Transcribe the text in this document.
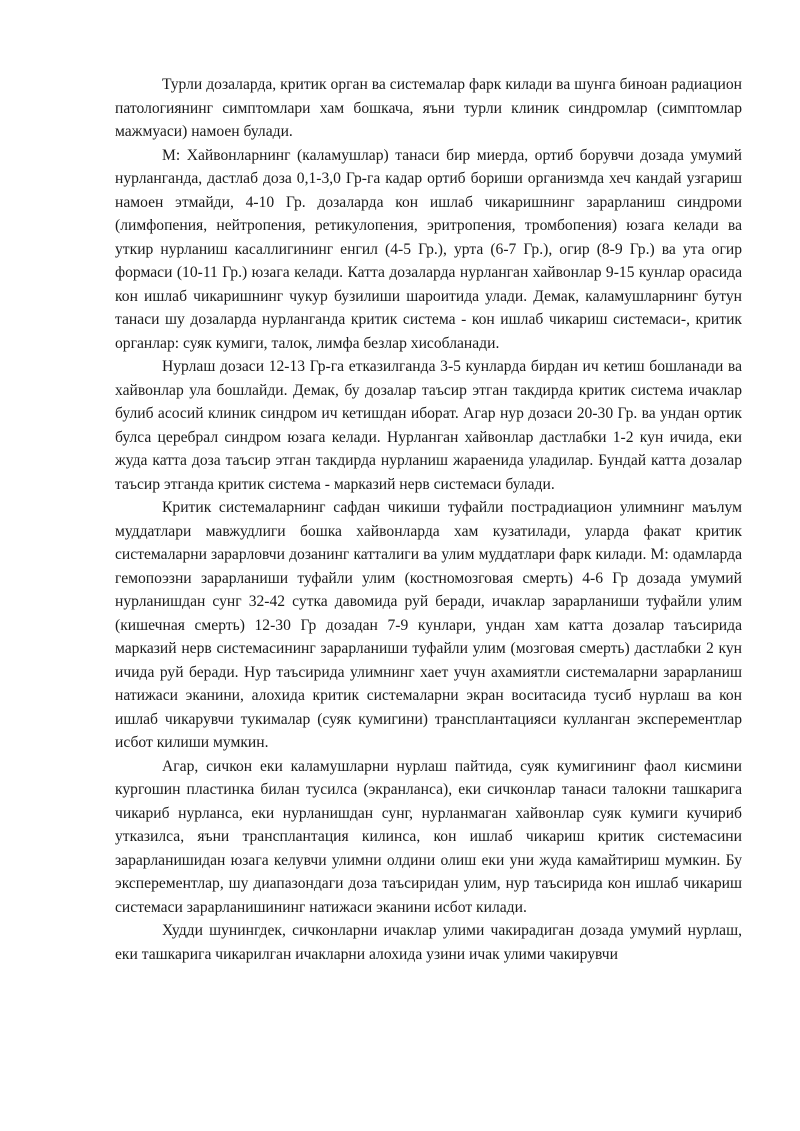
Турли дозаларда, критик орган ва системалар фарк килади ва шунга биноан радиацион патологиянинг симптомлари хам бошкача, яъни турли клиник синдромлар (симптомлар мажмуаси) намоен булади.

М: Хайвонларнинг (каламушлар) танаси бир миерда, ортиб борувчи дозада умумий нурланганда, дастлаб доза 0,1-3,0 Гр-га кадар ортиб бориши организмда хеч кандай узгариш намоен этмайди, 4-10 Гр. дозаларда кон ишлаб чикаришнинг зарарланиш синдроми (лимфопения, нейтропения, ретикулопения, эритропения, тромбопения) юзага келади ва уткир нурланиш касаллигининг енгил (4-5 Гр.), урта (6-7 Гр.), огир (8-9 Гр.) ва ута огир формаси (10-11 Гр.) юзага келади. Катта дозаларда нурланган хайвонлар 9-15 кунлар орасида кон ишлаб чикаришнинг чукур бузилиши шароитида улади. Демак, каламушларнинг бутун танаси шу дозаларда нурланганда критик система - кон ишлаб чикариш системаси-, критик органлар: суяк кумиги, талок, лимфа безлар хисобланади.

Нурлаш дозаси 12-13 Гр-га етказилганда 3-5 кунларда бирдан ич кетиш бошланади ва хайвонлар ула бошлайди. Демак, бу дозалар таъсир этган такдирда критик система ичаклар булиб асосий клиник синдром ич кетишдан иборат. Агар нур дозаси 20-30 Гр. ва ундан ортик булса церебрал синдром юзага келади. Нурланган хайвонлар дастлабки 1-2 кун ичида, еки жуда катта доза таъсир этган такдирда нурланиш жараенида уладилар. Бундай катта дозалар таъсир этганда критик система - марказий нерв системаси булади.

Критик системаларнинг сафдан чикиши туфайли пострадиацион улимнинг маълум муддатлари мавжудлиги бошка хайвонларда хам кузатилади, уларда факат критик системаларни зарарловчи дозанинг катталиги ва улим муддатлари фарк килади. М: одамларда гемопоэзни зарарланиши туфайли улим (костномозговая смерть) 4-6 Гр дозада умумий нурланишдан сунг 32-42 сутка давомида руй беради, ичаклар зарарланиши туфайли улим (кишечная смерть) 12-30 Гр дозадан 7-9 кунлари, ундан хам катта дозалар таъсирида марказий нерв системасининг зарарланиши туфайли улим (мозговая смерть) дастлабки 2 кун ичида руй беради. Нур таъсирида улимнинг хает учун ахамиятли системаларни зарарланиш натижаси эканини, алохида критик системаларни экран воситасида тусиб нурлаш ва кон ишлаб чикарувчи тукималар (суяк кумигини) трансплантацияси кулланган эксперементлар исбот килиши мумкин.

Агар, сичкон еки каламушларни нурлаш пайтида, суяк кумигининг фаол кисмини кургошин пластинка билан тусилса (экранланса), еки сичконлар танаси талокни ташкарига чикариб нурланса, еки нурланишдан сунг, нурланмаган хайвонлар суяк кумиги кучириб утказилса, яъни трансплантация килинса, кон ишлаб чикариш критик системасини зарарланишидан юзага келувчи улимни олдини олиш еки уни жуда камайтириш мумкин. Бу эксперементлар, шу диапазондаги доза таъсиридан улим, нур таъсирида кон ишлаб чикариш системаси зарарланишининг натижаси эканини исбот килади.

Худди шунингдек, сичконларни ичаклар улими чакирадиган дозада умумий нурлаш, еки ташкарига чикарилган ичакларни алохида узини ичак улими чакирувчи
